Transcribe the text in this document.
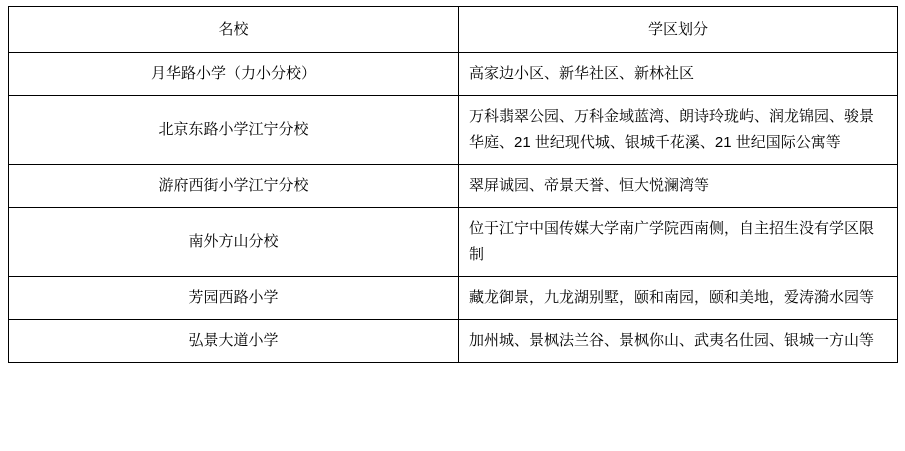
名校	学区划分
月华路小学（力小分校）	高家边小区、新华社区、新林社区
北京东路小学江宁分校	万科翡翠公园、万科金域蓝湾、朗诗玲珑屿、润龙锦园、骏景华庭、21 世纪现代城、银城千花溪、21 世纪国际公寓等
游府西街小学江宁分校	翠屏诚园、帝景天誉、恒大悦澜湾等
南外方山分校	位于江宁中国传媒大学南广学院西南侧，自主招生没有学区限制
芳园西路小学	藏龙御景，九龙湖别墅，颐和南园，颐和美地，爱涛漪水园等
弘景大道小学	加州城、景枫法兰谷、景枫你山、武夷名仕园、银城一方山等
